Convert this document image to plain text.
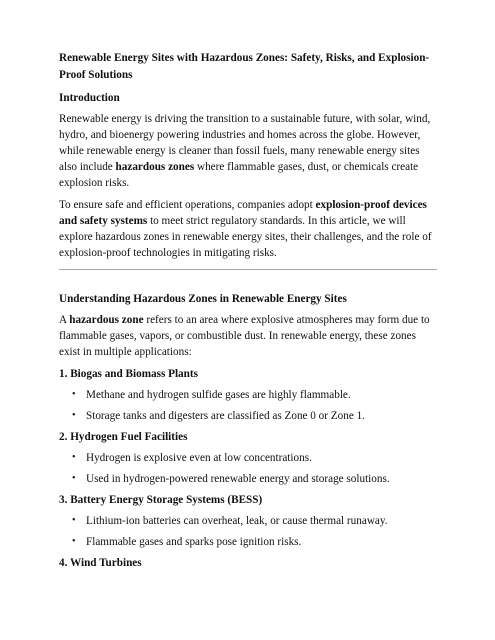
Renewable Energy Sites with Hazardous Zones: Safety, Risks, and Explosion-Proof Solutions
Introduction

Renewable energy is driving the transition to a sustainable future, with solar, wind, hydro, and bioenergy powering industries and homes across the globe. However, while renewable energy is cleaner than fossil fuels, many renewable energy sites also include hazardous zones where flammable gases, dust, or chemicals create explosion risks.

To ensure safe and efficient operations, companies adopt explosion-proof devices and safety systems to meet strict regulatory standards. In this article, we will explore hazardous zones in renewable energy sites, their challenges, and the role of explosion-proof technologies in mitigating risks.

Understanding Hazardous Zones in Renewable Energy Sites

A hazardous zone refers to an area where explosive atmospheres may form due to flammable gases, vapors, or combustible dust. In renewable energy, these zones exist in multiple applications:

1. Biogas and Biomass Plants
• Methane and hydrogen sulfide gases are highly flammable.
• Storage tanks and digesters are classified as Zone 0 or Zone 1.
2. Hydrogen Fuel Facilities
• Hydrogen is explosive even at low concentrations.
• Used in hydrogen-powered renewable energy and storage solutions.
3. Battery Energy Storage Systems (BESS)
• Lithium-ion batteries can overheat, leak, or cause thermal runaway.
• Flammable gases and sparks pose ignition risks.
4. Wind Turbines
